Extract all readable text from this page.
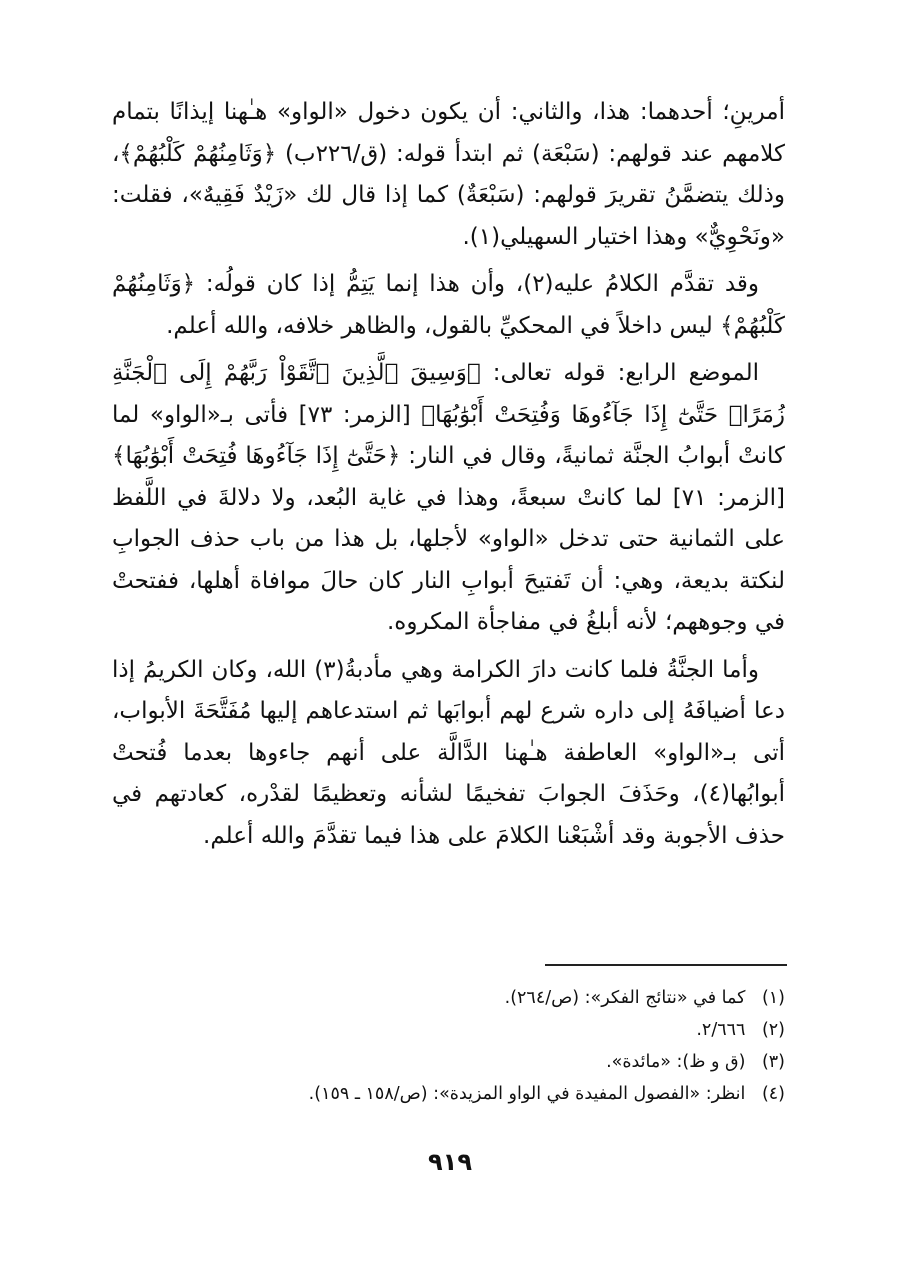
أمرينِ؛ أحدهما: هذا، والثاني: أن يكون دخول «الواو» هـٰهنا إيذانًا بتمام كلامهم عند قولهم: (سَبْعَة) ثم ابتدأ قوله: (ق/٢٢٦ب) ﴿وَثَامِنُهُمْ كَلْبُهُمْ﴾، وذلك يتضمَّنُ تقريرَ قولهم: (سَبْعَةٌ) كما إذا قال لك «زَيْدٌ فَقِيهٌ»، فقلت: «ونَحْوِيٌّ» وهذا اختيار السهيلي(١).

وقد تقدَّم الكلامُ عليه(٢)، وأن هذا إنما يَتِمُّ إذا كان قولُه: ﴿وَثَامِنُهُمْ كَلْبُهُمْ﴾ ليس داخلاً في المحكيِّ بالقول، والظاهر خلافه، والله أعلم.

الموضع الرابع: قوله تعالى: ﴿وَسِيقَ ٱلَّذِينَ ٱتَّقَوْاْ رَبَّهُمْ إِلَى ٱلْجَنَّةِ زُمَرًاۖ حَتَّىٰٓ إِذَا جَآءُوهَا وَفُتِحَتْ أَبْوَٰبُهَا﴾ [الزمر: ٧٣] فأتى بـ«الواو» لما كانتْ أبوابُ الجنَّة ثمانيةً، وقال في النار: ﴿حَتَّىٰٓ إِذَا جَآءُوهَا فُتِحَتْ أَبْوَٰبُهَا﴾ [الزمر: ٧١] لما كانتْ سبعةً، وهذا في غاية البُعد، ولا دلالةَ في اللَّفظ على الثمانية حتى تدخل «الواو» لأجلها، بل هذا من باب حذف الجوابِ لنكتة بديعة، وهي: أن تَفتيحَ أبوابِ النار كان حالَ موافاة أهلها، ففتحتْ في وجوههم؛ لأنه أبلغُ في مفاجأة المكروه.

وأما الجنَّةُ فلما كانت دارَ الكرامة وهي مأدبةُ(٣) الله، وكان الكريمُ إذا دعا أضيافَهُ إلى داره شرع لهم أبوابَها ثم استدعاهم إليها مُفَتَّحَةَ الأبواب، أتى بـ«الواو» العاطفة هـٰهنا الدَّالَّة على أنهم جاءوها بعدما فُتحتْ أبوابُها(٤)، وحَذَفَ الجوابَ تفخيمًا لشأنه وتعظيمًا لقدْره، كعادتهم في حذف الأجوبة وقد أشْبَعْنا الكلامَ على هذا فيما تقدَّمَ والله أعلم.

(١) كما في «نتائج الفكر»: (ص/٢٦٤).

(٢) ٢/٦٦٦.

(٣) (ق و ظ): «مائدة».

(٤) انظر: «الفصول المفيدة في الواو المزيدة»: (ص/١٥٨ ـ ١٥٩).

٩١٩
